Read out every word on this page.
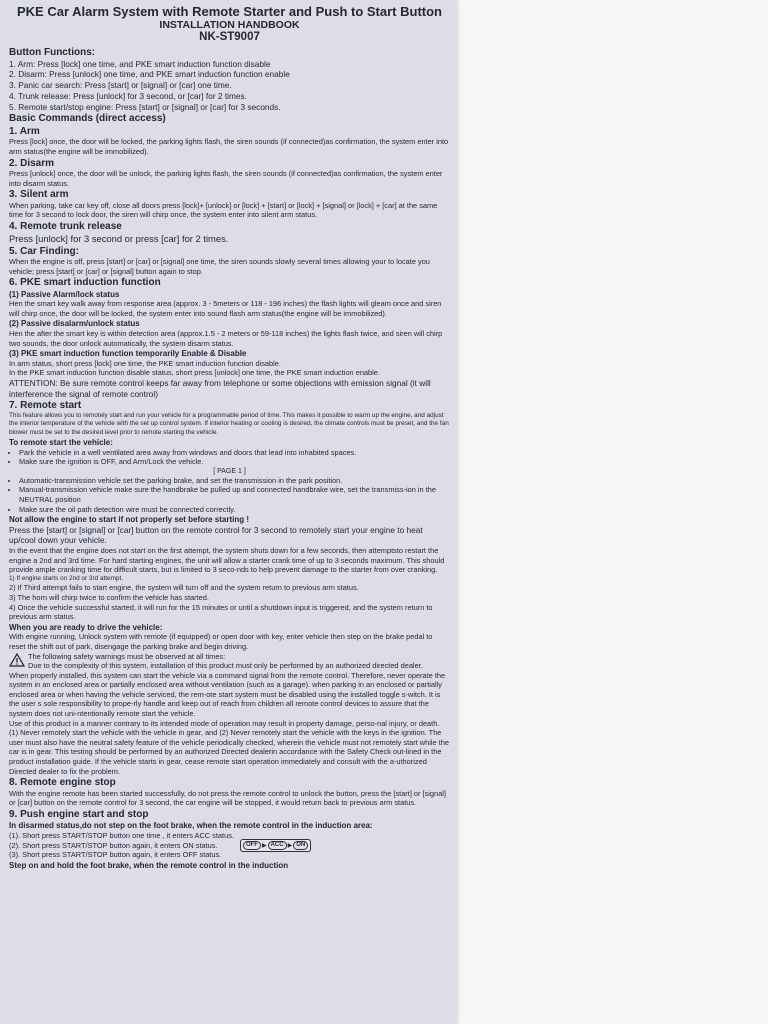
PKE Car Alarm System with Remote Starter and Push to Start Button
INSTALLATION HANDBOOK
NK-ST9007
Button Functions:

1. Arm: Press [lock] one time, and PKE smart induction function disable

2. Disarm: Press [unlock] one time, and PKE smart induction function enable

3. Panic car search: Press [start] or [signal] or [car] one time.

4. Trunk release: Press [unlock] for 3 second, or [car] for 2 times.

5. Remote start/stop engine: Press [start] or [signal] or [car] for 3 seconds.

Basic Commands (direct access)
1. Arm

Press [lock] once, the door will be locked, the parking lights flash, the siren sounds (if connected)as confirmation, the system enter into arm status(the engine will be immobilized).

2. Disarm

Press [unlock] once, the door will be unlock, the parking lights flash, the siren sounds (if connected)as confirmation, the system enter into disarm status.

3. Silent arm

When parking, take car key off, close all doors press [lock]+ [unlock] or [lock] + [start] or [lock] + [signal] or [lock] + [car] at the same time for 3 second to lock door, the siren will chirp once, the system enter into silent arm status.

4. Remote trunk release

Press [unlock] for 3 second or press [car] for 2 times.

5. Car Finding:

When the engine is off, press [start] or [car] or [signal] one time, the siren sounds slowly several times allowing your to locate you vehicle; press [start] or [car] or [signal] button again to stop.

6. PKE smart induction function
(1) Passive Alarm/lock status

Hen the smart key walk away from response area (approx. 3 - 5meters or 118 - 196 inches) the flash lights will gleam once and siren will chirp once, the door will be locked, the system enter into sound flash arm status(the engine will be immobilized).

(2) Passive disalarm/unlock status

Hen the after the smart key is within detection area (approx.1.5 - 2 meters or 59-118 inches) the lights flash twice, and siren will chirp two sounds, the door unlock automatically, the system disarm status.

(3) PKE smart induction function temporarily Enable & Disable

In arm status, short press [lock] one time, the PKE smart induction function disable.

In the PKE smart induction function disable status, short press [unlock] one time, the PKE smart induction enable.

ATTENTION: Be sure remote control keeps far away from telephone or some objections with emission signal (it will interference the signal of remote control)

7. Remote start

This feature allows you to remotely start and run your vehicle for a programmable period of time. This makes it possible to warm up the engine, and adjust the interior temperature of the vehicle with the set up control system. If interior heating or cooling is desired, the climate controls must be preset, and the fan blower must be set to the desired level prior to remote starting the vehicle.

To remote start the vehicle:
• Park the vehicle in a well ventilated area away from windows and doors that lead into inhabited spaces.
• Make sure the ignition is OFF, and Arm/Lock the vehicle.
[ PAGE 1 ]
• Automatic-transmission vehicle set the parking brake, and set the transmission in the park position.
• Manual-transmission vehicle make sure the handbrake be pulled up and connected handbrake wire, set the transmiss-ion in the NEUTRAL position
• Make sure the oil path detection wire must be connected correctly.
Not allow the engine to start if not properly set before starting !

Press the [start] or [signal] or [car] button on the remote control for 3 second to remotely start your engine to heat up/cool down your vehicle.

In the event that the engine does not start on the first attempt, the system shuts down for a few seconds, then attemptsto restart the engine a 2nd and 3rd time. For hard starting engines, the unit will allow a starter crank time of up to 3 seconds maximum. This should provide ample cranking time for difficult starts, but is limited to 3 seco-nds to help prevent damage to the starter from over cranking.

1) If engine starts on 2nd or 3rd attempt.

2) If Third attempt fails to start engine, the system will turn off and the system return to previous arm status.

3) The horn will chirp twice to confirm the vehicle has started.

4) Once the vehicle successful started, it will run for the 15 minutes or until a shutdown input is triggered, and the system return to previous arm status.

When you are ready to drive the vehicle:

With engine running, Unlock system with remote (if equipped) or open door with key, enter vehicle then step on the brake pedal to reset the shift out of park, disengage the parking brake and begin driving.

The following safety warnings must be observed at all times:

Due to the complexity of this system, installation of this product must only be performed by an authorized directed dealer.

When properly installed, this system can start the vehicle via a command signal from the remote control. Therefore, never operate the system in an enclosed area or partially enclosed area without ventilation (such as a garage). when parking in an enclosed or partially enclosed area or when having the vehicle serviced, the rem-ote start system must be disabled using the installed toggle s-witch. It is the user s sole responsibility to prope-rly handle and keep out of reach from children all remote control devices to assure that the system does not uni-ntentionally remote start the vehicle.

Use of this product in a manner contrary to its intended mode of operation may result in property damage, perso-nal injury, or death. (1) Never remotely start the vehicle with the vehicle in gear, and (2) Never remotely start the vehicle with the keys in the ignition. The user must also have the neutral safety feature of the vehicle periodically checked, wherein the vehicle must not remotely start while the car is in gear. This testing should be performed by an authorized Directed dealerin accordance with the Safety Check out-lined in the product installation guide. If the vehicle starts in gear, cease remote start operation immediately and consult with the a-uthorized Directed dealer to fix the problem.

8. Remote engine stop

With the engine remote has been started successfully, do not press the remote control to unlock the button, press the [start] or [signal] or [car] button on the remote control for 3 second, the car engine will be stopped, it would return back to previous arm status.

9. Push engine start and stop
In disarmed status,do not step on the foot brake, when the remote control in the induction area:

(1). Short press START/STOP button one time , it enters ACC status.

(2). Short press START/STOP button again, it enters ON status.

(3). Short press START/STOP button again, it enters OFF status.

OFF ▶ ACC ▶ ON
Step on and hold the foot brake, when the remote control in the induction
